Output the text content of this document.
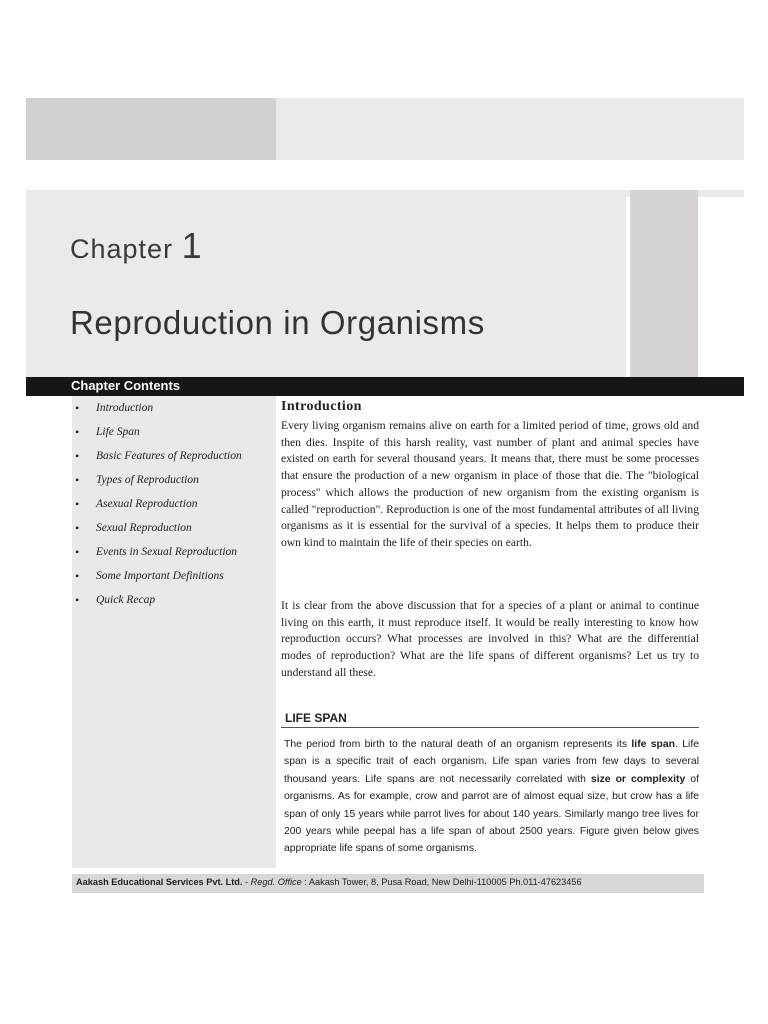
Chapter 1
Reproduction in Organisms
Chapter Contents
• Introduction
• Life Span
• Basic Features of Reproduction
• Types of Reproduction
• Asexual Reproduction
• Sexual Reproduction
• Events in Sexual Reproduction
• Some Important Definitions
• Quick Recap
Introduction

Every living organism remains alive on earth for a limited period of time, grows old and then dies. Inspite of this harsh reality, vast number of plant and animal species have existed on earth for several thousand years. It means that, there must be some processes that ensure the production of a new organism in place of those that die. The "biological process" which allows the production of new organism from the existing organism is called "reproduction". Reproduction is one of the most fundamental attributes of all living organisms as it is essential for the survival of a species. It helps them to produce their own kind to maintain the life of their species on earth.

It is clear from the above discussion that for a species of a plant or animal to continue living on this earth, it must reproduce itself. It would be really interesting to know how reproduction occurs? What processes are involved in this? What are the differential modes of reproduction? What are the life spans of different organisms? Let us try to understand all these.

LIFE SPAN

The period from birth to the natural death of an organism represents its life span. Life span is a specific trait of each organism. Life span varies from few days to several thousand years. Life spans are not necessarily correlated with size or complexity of organisms. As for example, crow and parrot are of almost equal size, but crow has a life span of only 15 years while parrot lives for about 140 years. Similarly mango tree lives for 200 years while peepal has a life span of about 2500 years. Figure given below gives appropriate life spans of some organisms.

Aakash Educational Services Pvt. Ltd. - Regd. Office : Aakash Tower, 8, Pusa Road, New Delhi-110005 Ph.011-47623456
